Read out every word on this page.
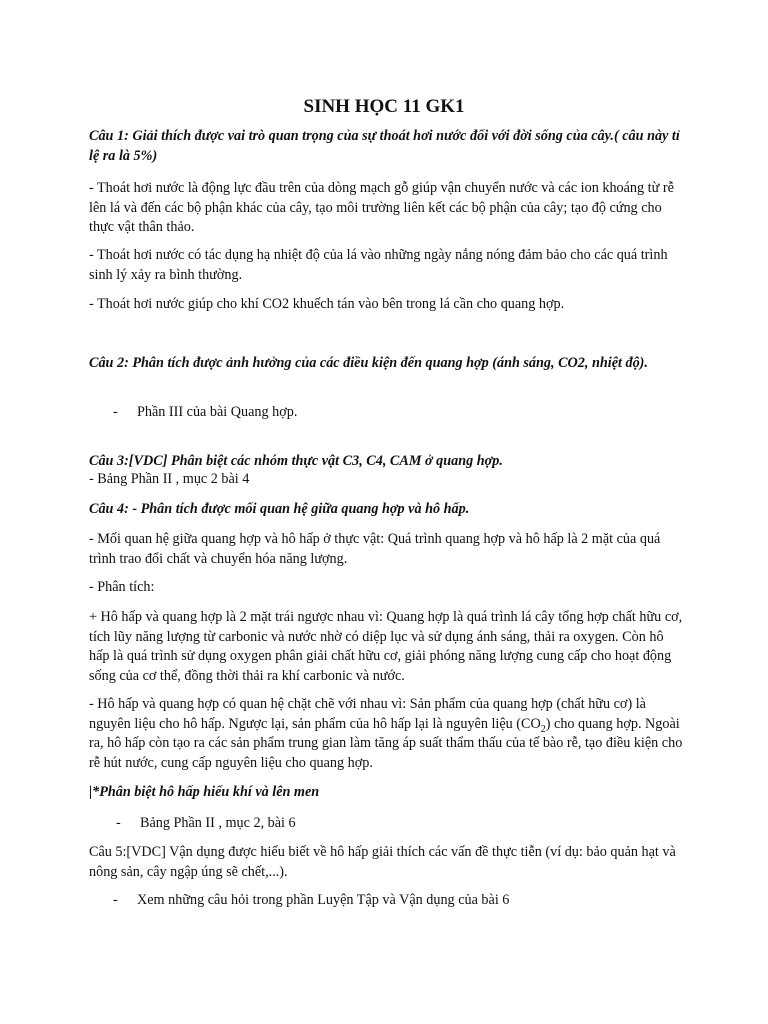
SINH HỌC 11 GK1

Câu 1: Giải thích được vai trò quan trọng của sự thoát hơi nước đối với đời sống của cây.( câu này tỉ lệ ra là 5%)

- Thoát hơi nước là động lực đầu trên của dòng mạch gỗ giúp vận chuyển nước và các ion khoáng từ rễ lên lá và đến các bộ phận khác của cây, tạo môi trường liên kết các bộ phận của cây; tạo độ cứng cho thực vật thân thảo.

- Thoát hơi nước có tác dụng hạ nhiệt độ của lá vào những ngày nắng nóng đảm bảo cho các quá trình sinh lý xảy ra bình thường.

- Thoát hơi nước giúp cho khí CO2 khuếch tán vào bên trong lá cần cho quang hợp.

Câu 2: Phân tích được ảnh hưởng của các điều kiện đến quang hợp (ánh sáng, CO2, nhiệt độ).

- Phần III của bài Quang hợp.

Câu 3:[VDC] Phân biệt các nhóm thực vật C3, C4, CAM ở quang hợp.

- Bảng Phần II , mục 2 bài 4

Câu 4: - Phân tích được mối quan hệ giữa quang hợp và hô hấp.

- Mối quan hệ giữa quang hợp và hô hấp ở thực vật: Quá trình quang hợp và hô hấp là 2 mặt của quá trình trao đổi chất và chuyển hóa năng lượng.

- Phân tích:

+ Hô hấp và quang hợp là 2 mặt trái ngược nhau vì: Quang hợp là quá trình lá cây tổng hợp chất hữu cơ, tích lũy năng lượng từ carbonic và nước nhờ có diệp lục và sử dụng ánh sáng, thải ra oxygen. Còn hô hấp là quá trình sử dụng oxygen phân giải chất hữu cơ, giải phóng năng lượng cung cấp cho hoạt động sống của cơ thể, đồng thời thải ra khí carbonic và nước.

- Hô hấp và quang hợp có quan hệ chặt chẽ với nhau vì: Sản phẩm của quang hợp (chất hữu cơ) là nguyên liệu cho hô hấp. Ngược lại, sản phẩm của hô hấp lại là nguyên liệu $(CO_2)$ cho quang hợp. Ngoài ra, hô hấp còn tạo ra các sản phẩm trung gian làm tăng áp suất thẩm thấu của tế bào rễ, tạo điều kiện cho rễ hút nước, cung cấp nguyên liệu cho quang hợp.

|*Phân biệt hô hấp hiếu khí và lên men

- Bảng Phần II , mục 2, bài 6

Câu 5:[VDC] Vận dụng được hiểu biết về hô hấp giải thích các vấn đề thực tiễn (ví dụ: bảo quản hạt và nông sản, cây ngập úng sẽ chết,...).

- Xem những câu hỏi trong phần Luyện Tập và Vận dụng của bài 6
